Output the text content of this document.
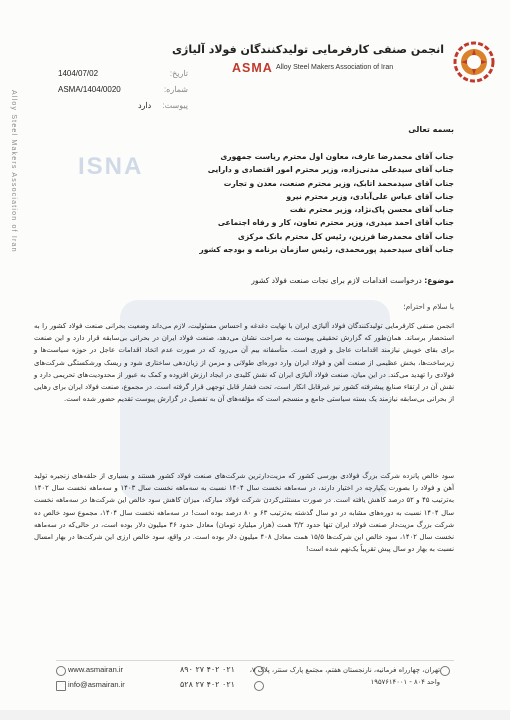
Alloy Steel Makers Association of Iran
انجمن صنفی کارفرمایی تولیدکنندگان فولاد آلیاژی
ASMA Alloy Steel Makers Association of Iran
1404/07/02	تاریخ:
ASMA/1404/0020	شماره:
دارد پیوست:
ISNA
بسمه تعالی
جناب آقای محمدرضا عارف، معاون اول محترم ریاست جمهوری
جناب آقای سیدعلی مدنی‌زاده، وزیر محترم امور اقتصادی و دارایی
جناب آقای سیدمحمد اتابک، وزیر محترم صنعت، معدن و تجارت
جناب آقای عباس علی‌آبادی، وزیر محترم نیرو
جناب آقای محسن پاک‌نژاد، وزیر محترم نفت
جناب آقای احمد میدری، وزیر محترم تعاون، کار و رفاه اجتماعی
جناب آقای محمدرضا فرزین، رئیس کل محترم بانک مرکزی
جناب آقای سیدحمید پورمحمدی، رئیس سازمان برنامه و بودجه کشور
موضوع: درخواست اقدامات لازم برای نجات صنعت فولاد کشور
با سلام و احترام؛
انجمن صنفی کارفرمایی تولیدکنندگان فولاد آلیاژی ایران با نهایت دغدغه و احساس مسئولیت، لازم می‌داند وضعیت بحرانی صنعت فولاد کشور را به استحضار برساند. همان‌طور که گزارش تحقیقی پیوست به صراحت نشان می‌دهد، صنعت فولاد ایران در بحرانی بی‌سابقه قرار دارد و این صنعت برای بقای خویش نیازمند اقدامات عاجل و فوری است. متأسفانه بیم آن می‌رود که در صورت عدم اتخاذ اقدامات عاجل در حوزه سیاست‌ها و زیرساخت‌ها، بخش عظیمی از صنعت آهن و فولاد ایران وارد دوره‌ای طولانی و مزمن از زیان‌دهی ساختاری شود و ریسک ورشکستگی شرکت‌های فولادی را تهدید می‌کند. در این میان، صنعت فولاد آلیاژی ایران که نقش کلیدی در ایجاد ارزش افزوده و کمک به عبور از محدودیت‌های تحریمی دارد و نقش آن در ارتقاء صنایع پیشرفته کشور نیز غیرقابل انکار است، تحت فشار قابل توجهی قرار گرفته است. در مجموع، صنعت فولاد ایران برای رهایی از بحرانی بی‌سابقه نیازمند یک بسته سیاستی جامع و منسجم است که مؤلفه‌های آن به تفصیل در گزارش پیوست تقدیم حضور شده است.
سود خالص پانزده شرکت بزرگ فولادی بورسی کشور که مزیت‌دارترین شرکت‌های صنعت فولاد کشور هستند و بسیاری از حلقه‌های زنجیره تولید آهن و فولاد را بصورت یکپارچه در اختیار دارند، در سه‌ماهه نخست سال ۱۴۰۴ نسبت به سه‌ماهه نخست سال ۱۴۰۳ و سه‌ماهه نخست سال ۱۴۰۲ به‌ترتیب ۴۵ و ۵۲ درصد کاهش یافته است. در صورت مستثنی‌کردن شرکت فولاد مبارکه، میزان کاهش سود خالص این شرکت‌ها در سه‌ماهه نخست سال ۱۴۰۴ نسبت به دوره‌های مشابه در دو سال گذشته به‌ترتیب ۶۳ و ۸۰ درصد بوده است! در سه‌ماهه نخست سال ۱۴۰۴، مجموع سود خالص ده شرکت بزرگ مزیت‌دار صنعت فولاد ایران تنها حدود ۳/۲ همت (هزار میلیارد تومان) معادل حدود ۴۶ میلیون دلار بوده است، در حالی‌که در سه‌ماهه نخست سال ۱۴۰۲، سود خالص این شرکت‌ها ۱۵/۵ همت معادل ۴۰۸ میلیون دلار بوده است. در واقع، سود خالص ارزی این شرکت‌ها در بهار امسال نسبت به بهار دو سال پیش تقریباً یک‌نهم شده است!
www.asmairan.ir
info@asmairan.ir
۰۲۱ ۴۰۲ ۲۷ ۸۹۰
۰۲۱ ۴۰۲ ۲۷ ۵۲۸
تهران، چهارراه فرمانیه، نارنجستان هفتم، مجتمع پارک سنتر، پلاک ۷، واحد ۸۰۴ - ۱۹۵۷۶۱۴۰۰۱
